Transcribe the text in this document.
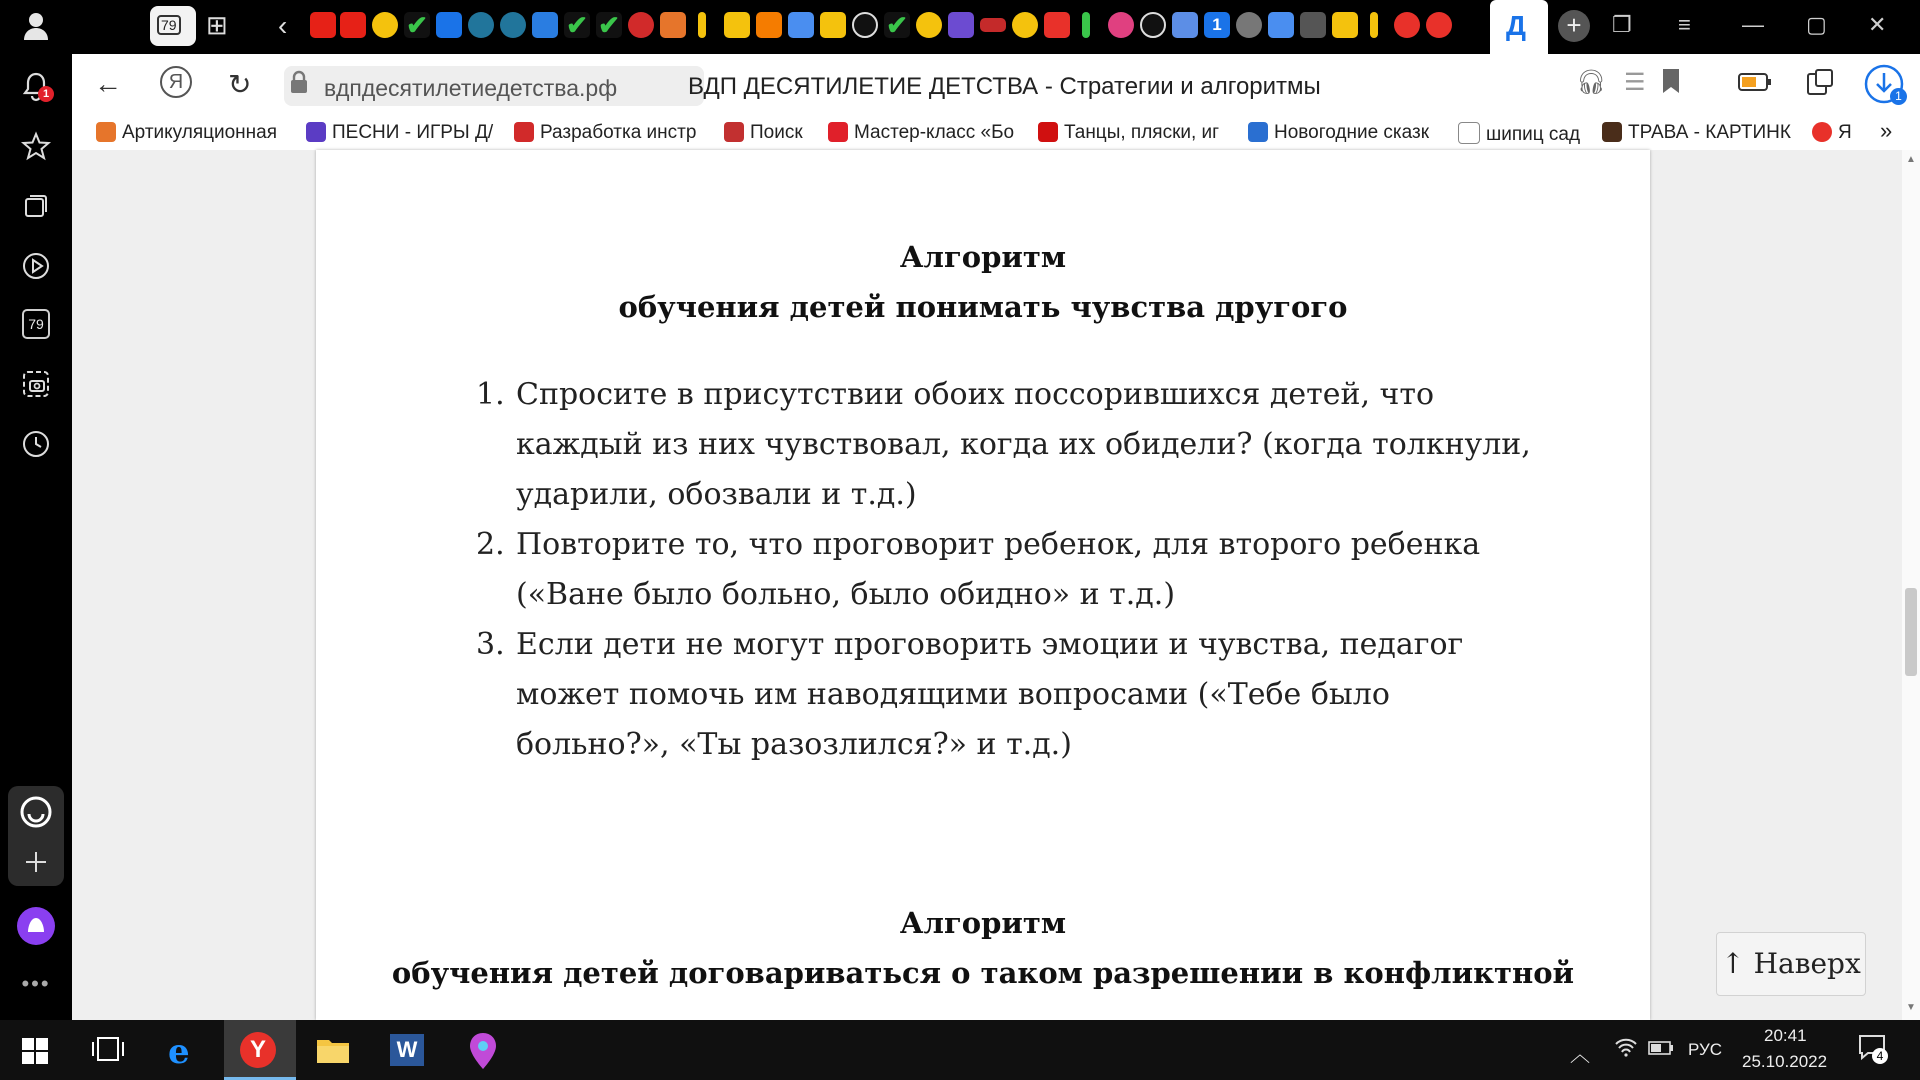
1
79
•••
79 ⊞ ‹	✔	✔ ✔	✔	1	Д	+	❐ ≡ — ▢ ✕
←	Я	↻	вдпдесятилетиедетства.рф	ВДП ДЕСЯТИЛЕТИЕ ДЕТСТВА - Стратегии и алгоритмы	🎧︎ ☰	1
Артикуляционная	ПЕСНИ - ИГРЫ Д/	Разработка инстр	Поиск	Мастер-класс «Бо	Танцы, пляски, иг	Новогодние сказк	шипиц сад	ТРАВА - КАРТИНК	Я	»
Алгоритм
обучения детей понимать чувства другого
1. Спросите в присутствии обоих поссорившихся детей, что каждый из них чувствовал, когда их обидели? (когда толкнули, ударили, обозвали и т.д.)
2. Повторите то, что проговорит ребенок, для второго ребенка («Ване было больно, было обидно» и т.д.)
3. Если дети не могут проговорить эмоции и чувства, педагог может помочь им наводящими вопросами («Тебе было больно?», «Ты разозлился?» и т.д.)
Алгоритм
обучения детей договариваться о таком разрешении в конфликтной
▲
▼
↑ Наверх
e	Y	W	︿	РУС
20:41
25.10.2022	4
